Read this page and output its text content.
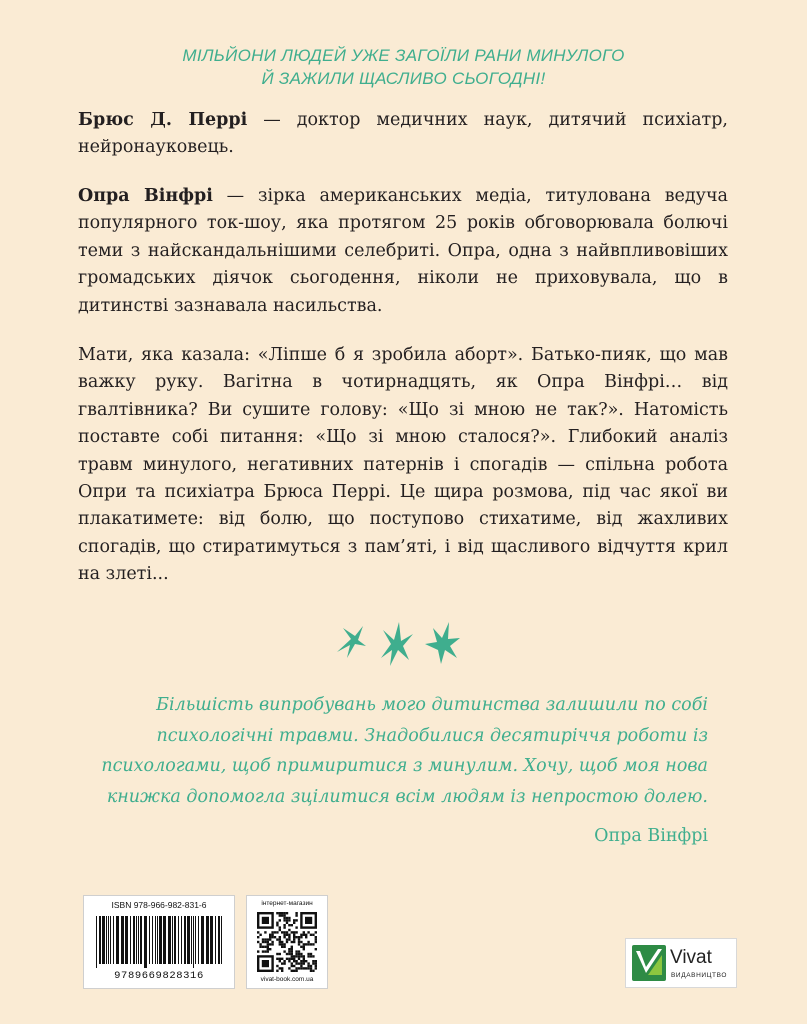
МІЛЬЙОНИ ЛЮДЕЙ УЖЕ ЗАГОЇЛИ РАНИ МИНУЛОГО
Й ЗАЖИЛИ ЩАСЛИВО СЬОГОДНІ!

Брюс Д. Перрі — доктор медичних наук, дитячий психіатр, нейронауковець.

Опра Вінфрі — зірка американських медіа, титулована ведуча популярного ток-шоу, яка протягом 25 років обговорювала болючі теми з найскандальнішими селебриті. Опра, одна з найвпливовіших громадських діячок сьогодення, ніколи не приховувала, що в дитинстві зазнавала насильства.

Мати, яка казала: «Ліпше б я зробила аборт». Батько-пияк, що мав важку руку. Вагітна в чотирнадцять, як Опра Вінфрі… від гвалтівника? Ви сушите голову: «Що зі мною не так?». Натомість поставте собі питання: «Що зі мною сталося?». Глибокий аналіз травм минулого, негативних патернів і спогадів — спільна робота Опри та психіатра Брюса Перрі. Це щира розмова, під час якої ви плакатимете: від болю, що поступово стихатиме, від жахливих спогадів, що стиратимуться з пам’яті, і від щасливого відчуття крил на злеті...

Більшість випробувань мого дитинства залишили по собі психологічні травми. Знадобилися десятиріччя роботи із психологами, щоб примиритися з минулим. Хочу, щоб моя нова книжка допомогла зцілитися всім людям із непростою долею.
Опра Вінфрі
ISBN 978-966-982-831-6
9789669828316
інтернет-магазин
vivat-book.com.ua
Vivat
ВИДАВНИЦТВО
